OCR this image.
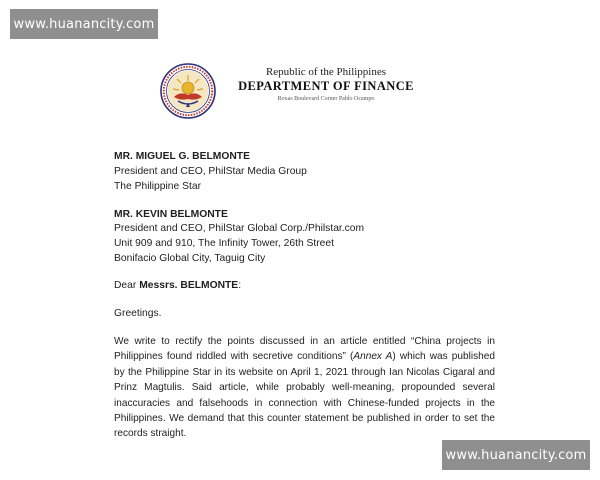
www.huanancity.com
Republic of the Philippines
DEPARTMENT OF FINANCE
Roxas Boulevard Corner Pablo Ocampo
MR. MIGUEL G. BELMONTE
President and CEO, PhilStar Media Group
The Philippine Star
MR. KEVIN BELMONTE
President and CEO, PhilStar Global Corp./Philstar.com
Unit 909 and 910, The Infinity Tower, 26th Street
Bonifacio Global City, Taguig City
Dear Messrs. BELMONTE:
Greetings.
We write to rectify the points discussed in an article entitled “China projects in Philippines found riddled with secretive conditions” (Annex A) which was published by the Philippine Star in its website on April 1, 2021 through Ian Nicolas Cigaral and Prinz Magtulis. Said article, while probably well-meaning, propounded several inaccuracies and falsehoods in connection with Chinese-funded projects in the Philippines. We demand that this counter statement be published in order to set the records straight.
www.huanancity.com
